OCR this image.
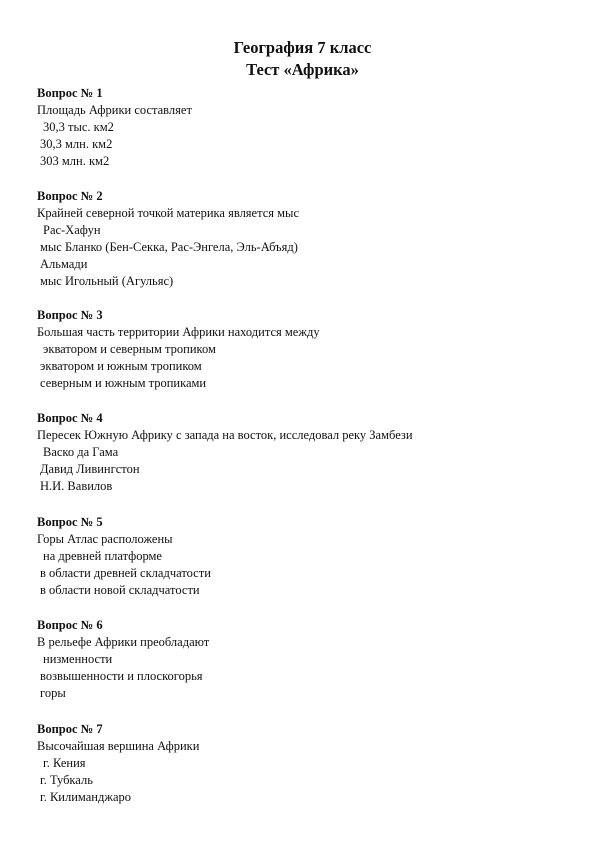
География 7 класс
Тест «Африка»

Вопрос № 1

Площадь Африки составляет

30,3 тыс. км2
30,3 млн. км2
303 млн. км2

Вопрос № 2

Крайней северной точкой материка является мыс

Рас-Хафун
мыс Бланко (Бен-Секка, Рас-Энгела, Эль-Абъяд)
Альмади
мыс Игольный (Агульяс)

Вопрос № 3

Большая часть территории Африки находится между

экватором и северным тропиком
экватором и южным тропиком
северным и южным тропиками

Вопрос № 4

Пересек Южную Африку с запада на восток, исследовал реку Замбези

Васко да Гама
Давид Ливингстон
Н.И. Вавилов

Вопрос № 5

Горы Атлас расположены

на древней платформе
в области древней складчатости
в области новой складчатости

Вопрос № 6

В рельефе Африки преобладают

низменности
возвышенности и плоскогорья
горы

Вопрос № 7

Высочайшая вершина Африки

г. Кения
г. Тубкаль
г. Килиманджаро
